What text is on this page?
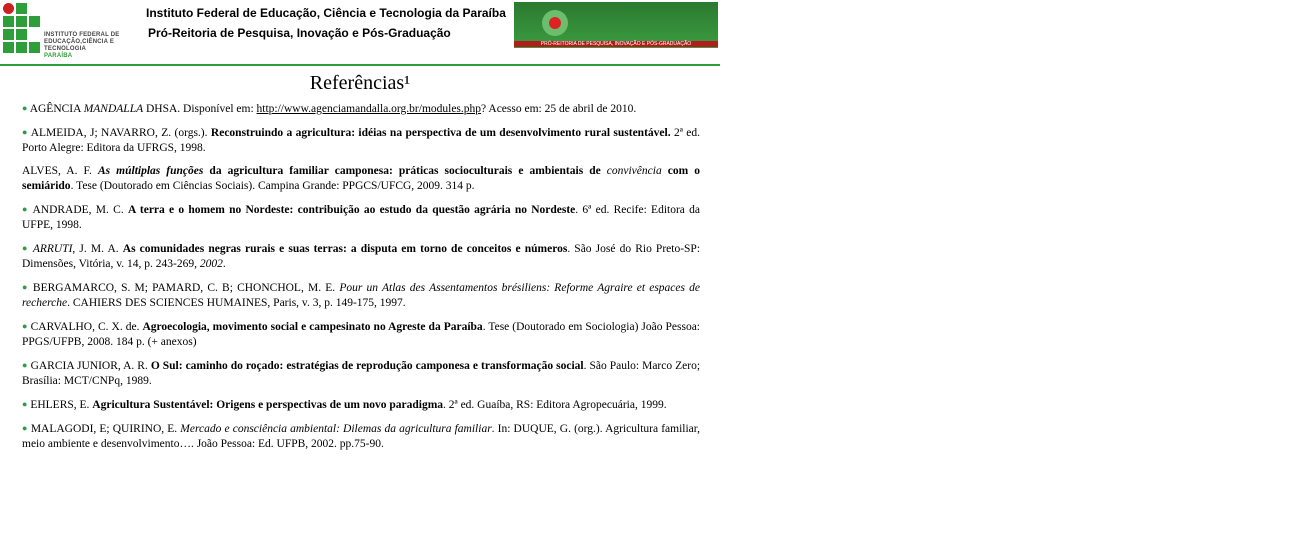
INSTITUTO FEDERAL DE
EDUCAÇÃO,CIÊNCIA E TECNOLOGIA
PARAÍBA
Instituto Federal de Educação, Ciência e Tecnologia da Paraíba
Pró-Reitoria de Pesquisa, Inovação e Pós-Graduação	PRPIPG
PRÓ-REITORIA DE PESQUISA, INOVAÇÃO E PÓS-GRADUAÇÃO
Referências¹

● AGÊNCIA MANDALLA DHSA. Disponível em: http://www.agenciamandalla.org.br/modules.php? Acesso em: 25 de abril de 2010.

● ALMEIDA, J; NAVARRO, Z. (orgs.). Reconstruindo a agricultura: idéias na perspectiva de um desenvolvimento rural sustentável. 2ª ed. Porto Alegre: Editora da UFRGS, 1998.

ALVES, A. F. As múltiplas funções da agricultura familiar camponesa: práticas socioculturais e ambientais de convivência com o semiárido. Tese (Doutorado em Ciências Sociais). Campina Grande: PPGCS/UFCG, 2009. 314 p.

● ANDRADE, M. C. A terra e o homem no Nordeste: contribuição ao estudo da questão agrária no Nordeste. 6ª ed. Recife: Editora da UFPE, 1998.

● ARRUTI, J. M. A. As comunidades negras rurais e suas terras: a disputa em torno de conceitos e números. São José do Rio Preto-SP: Dimensões, Vitória, v. 14, p. 243-269, 2002.

● BERGAMARCO, S. M; PAMARD, C. B; CHONCHOL, M. E. Pour un Atlas des Assentamentos brésiliens: Reforme Agraire et espaces de recherche. CAHIERS DES SCIENCES HUMAINES, Paris, v. 3, p. 149-175, 1997.

● CARVALHO, C. X. de. Agroecologia, movimento social e campesinato no Agreste da Paraíba. Tese (Doutorado em Sociologia) João Pessoa: PPGS/UFPB, 2008. 184 p. (+ anexos)

● GARCIA JUNIOR, A. R. O Sul: caminho do roçado: estratégias de reprodução camponesa e transformação social. São Paulo: Marco Zero; Brasília: MCT/CNPq, 1989.

● EHLERS, E. Agricultura Sustentável: Origens e perspectivas de um novo paradigma. 2ª ed. Guaíba, RS: Editora Agropecuária, 1999.

● MALAGODI, E; QUIRINO, E. Mercado e consciência ambiental: Dilemas da agricultura familiar. In: DUQUE, G. (org.). Agricultura familiar, meio ambiente e desenvolvimento…. João Pessoa: Ed. UFPB, 2002. pp.75-90.
